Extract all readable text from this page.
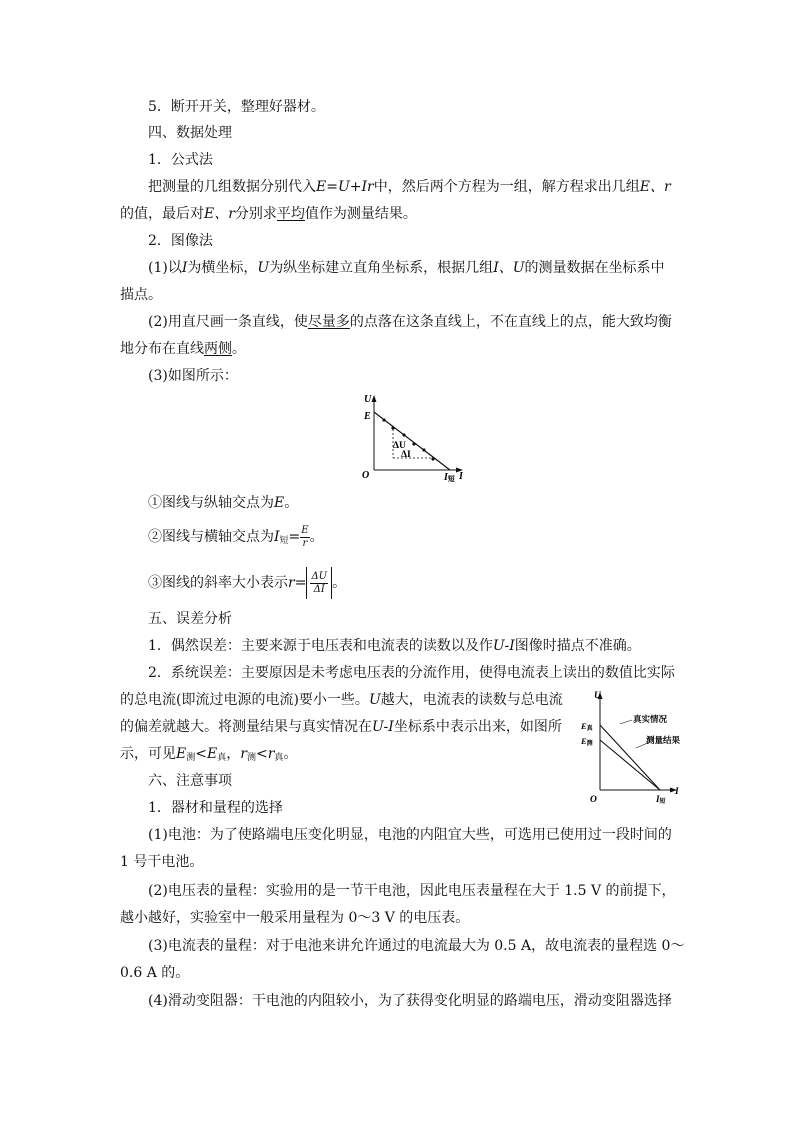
5．断开开关，整理好器材。
四、数据处理
1．公式法
把测量的几组数据分别代入E=U+Ir中，然后两个方程为一组，解方程求出几组E、r
的值，最后对E、r分别求平均值作为测量结果。
2．图像法
(1)以I为横坐标，U为纵坐标建立直角坐标系，根据几组I、U的测量数据在坐标系中
描点。
(2)用直尺画一条直线，使尽量多的点落在这条直线上，不在直线上的点，能大致均衡
地分布在直线两侧。
(3)如图所示：
U
E
O
ΔU
ΔI
I短 I
①图线与纵轴交点为E。
②图线与横轴交点为$I_短= \frac{E}{r}$ 。
③图线的斜率大小表示$r= \frac{\Delta U}{\Delta I}$ 。
五、误差分析
1．偶然误差：主要来源于电压表和电流表的读数以及作U-I图像时描点不准确。
2．系统误差：主要原因是未考虑电压表的分流作用，使得电流表上读出的数值比实际
的总电流(即流过电源的电流)要小一些。U越大，电流表的读数与总电流
的偏差就越大。将测量结果与真实情况在U-I坐标系中表示出来，如图所
示，可见$E_测<E_真$，$r_测<r_真$。
U
E真
E测
真实情况
测量结果
O	I短
I
六、注意事项
1．器材和量程的选择
(1)电池：为了使路端电压变化明显，电池的内阻宜大些，可选用已使用过一段时间的
1 号干电池。
(2)电压表的量程：实验用的是一节干电池，因此电压表量程在大于 1.5 V 的前提下，
越小越好，实验室中一般采用量程为 0～3 V 的电压表。
(3)电流表的量程：对于电池来讲允许通过的电流最大为 0.5 A，故电流表的量程选 0～
0.6 A 的。
(4)滑动变阻器：干电池的内阻较小，为了获得变化明显的路端电压，滑动变阻器选择
